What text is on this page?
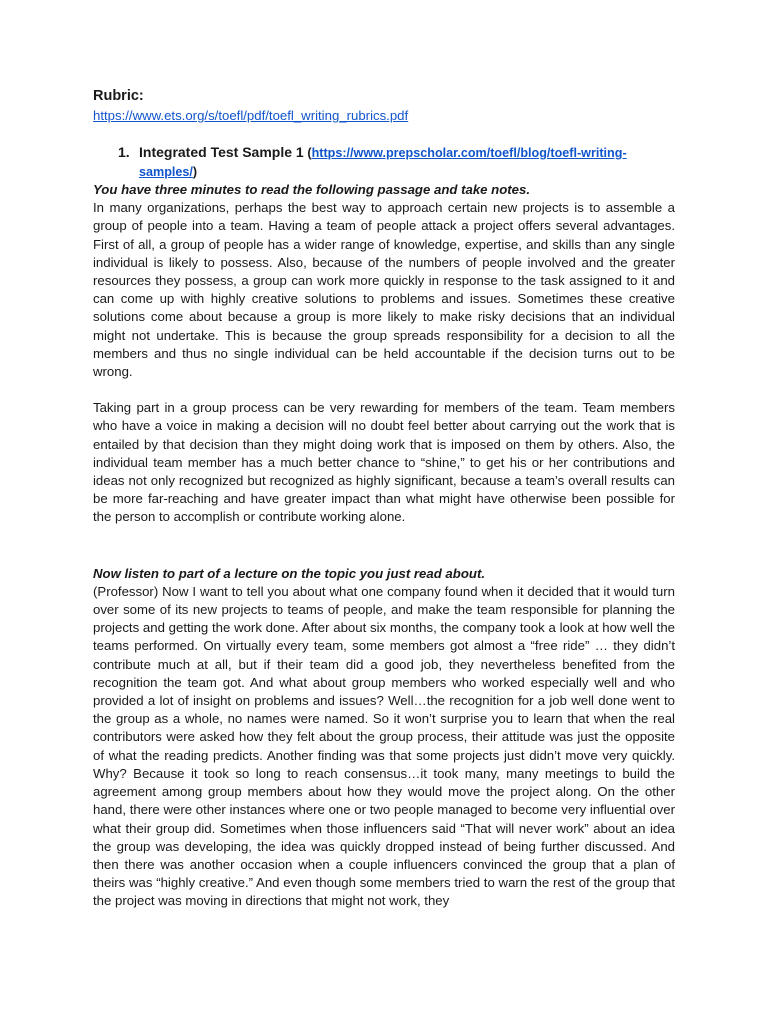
Rubric:

https://www.ets.org/s/toefl/pdf/toefl_writing_rubrics.pdf
1. Integrated Test Sample 1 (https://www.prepscholar.com/toefl/blog/toefl-writing-samples/)

You have three minutes to read the following passage and take notes.

In many organizations, perhaps the best way to approach certain new projects is to assemble a group of people into a team. Having a team of people attack a project offers several advantages. First of all, a group of people has a wider range of knowledge, expertise, and skills than any single individual is likely to possess. Also, because of the numbers of people involved and the greater resources they possess, a group can work more quickly in response to the task assigned to it and can come up with highly creative solutions to problems and issues. Sometimes these creative solutions come about because a group is more likely to make risky decisions that an individual might not undertake. This is because the group spreads responsibility for a decision to all the members and thus no single individual can be held accountable if the decision turns out to be wrong.

Taking part in a group process can be very rewarding for members of the team. Team members who have a voice in making a decision will no doubt feel better about carrying out the work that is entailed by that decision than they might doing work that is imposed on them by others. Also, the individual team member has a much better chance to “shine,” to get his or her contributions and ideas not only recognized but recognized as highly significant, because a team’s overall results can be more far-reaching and have greater impact than what might have otherwise been possible for the person to accomplish or contribute working alone.

Now listen to part of a lecture on the topic you just read about.

(Professor) Now I want to tell you about what one company found when it decided that it would turn over some of its new projects to teams of people, and make the team responsible for planning the projects and getting the work done. After about six months, the company took a look at how well the teams performed. On virtually every team, some members got almost a “free ride” … they didn’t contribute much at all, but if their team did a good job, they nevertheless benefited from the recognition the team got. And what about group members who worked especially well and who provided a lot of insight on problems and issues? Well…the recognition for a job well done went to the group as a whole, no names were named. So it won’t surprise you to learn that when the real contributors were asked how they felt about the group process, their attitude was just the opposite of what the reading predicts. Another finding was that some projects just didn’t move very quickly. Why? Because it took so long to reach consensus…it took many, many meetings to build the agreement among group members about how they would move the project along. On the other hand, there were other instances where one or two people managed to become very influential over what their group did. Sometimes when those influencers said “That will never work” about an idea the group was developing, the idea was quickly dropped instead of being further discussed. And then there was another occasion when a couple influencers convinced the group that a plan of theirs was “highly creative.” And even though some members tried to warn the rest of the group that the project was moving in directions that might not work, they
